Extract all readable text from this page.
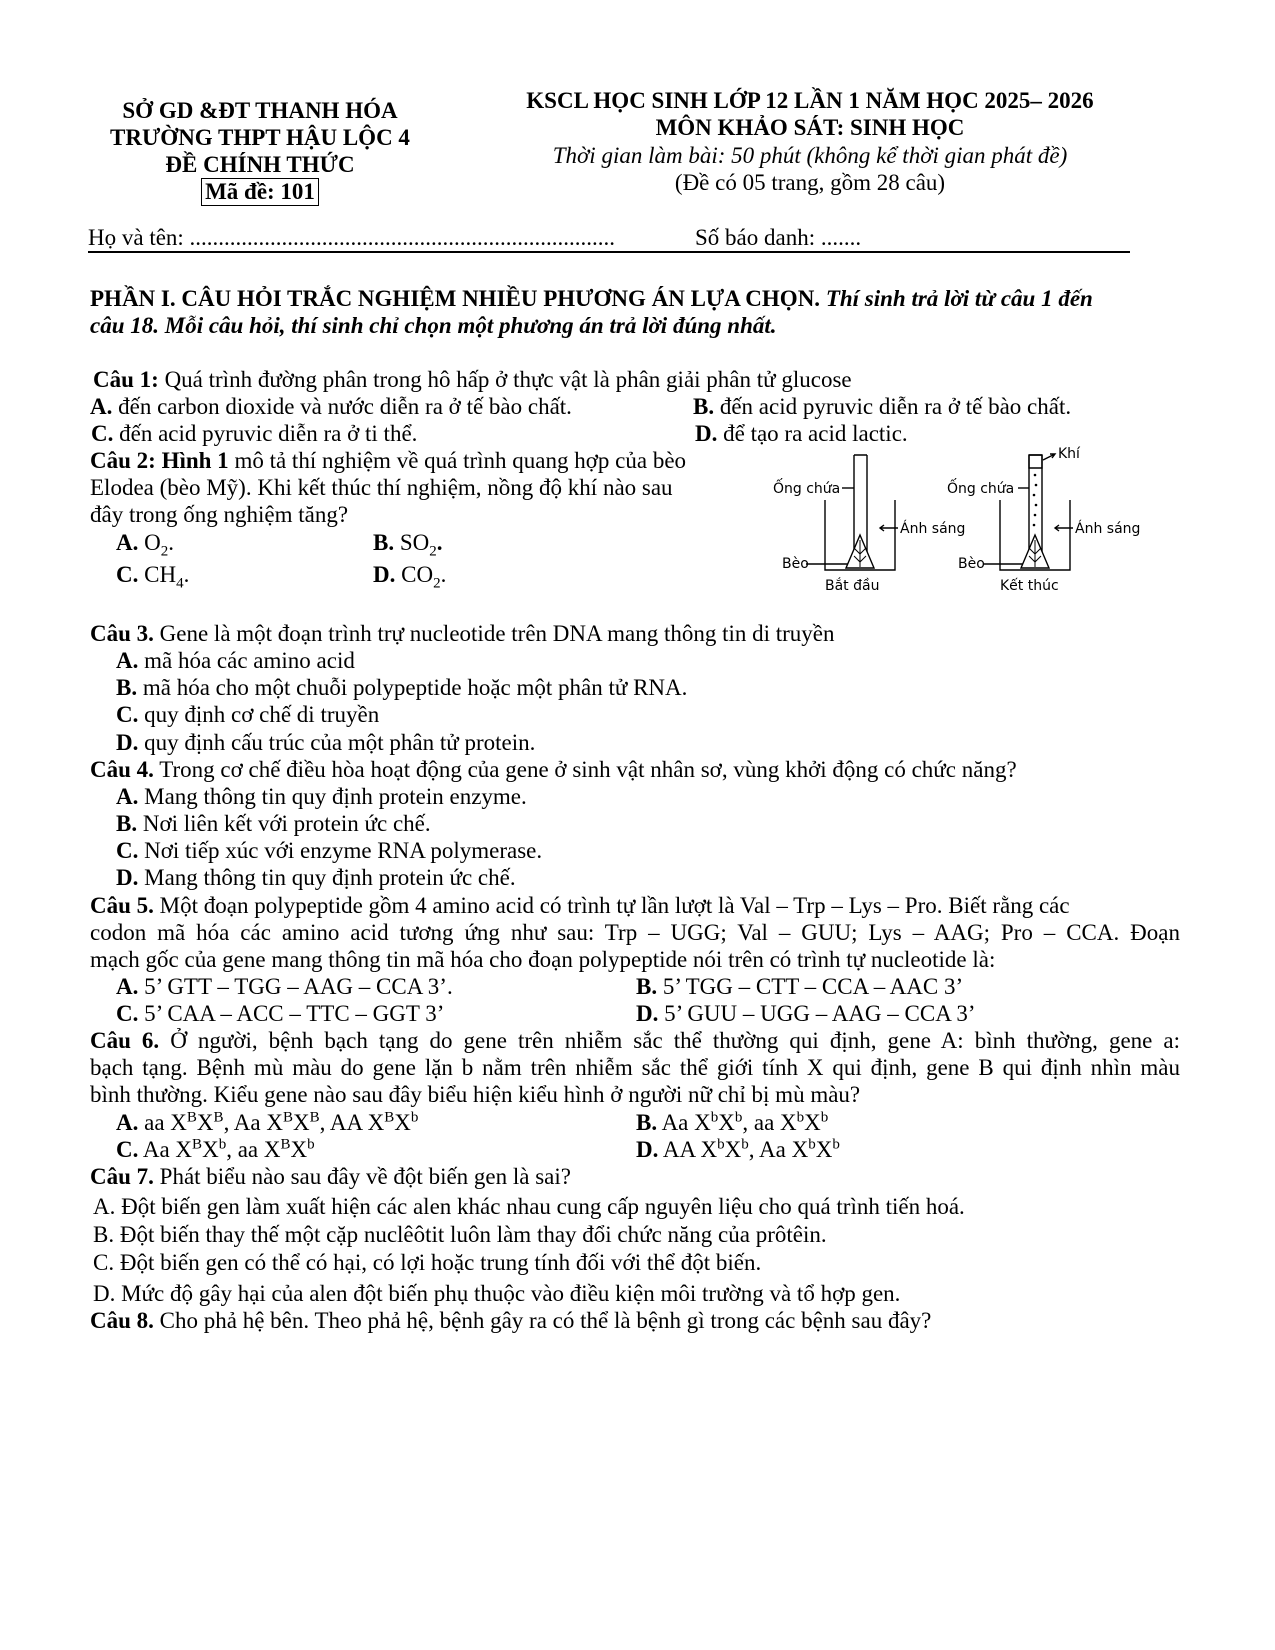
SỞ GD &ĐT THANH HÓA
TRƯỜNG THPT HẬU LỘC 4
ĐỀ CHÍNH THỨC
Mã đề: 101
KSCL HỌC SINH LỚP 12 LẦN 1 NĂM HỌC 2025– 2026
MÔN KHẢO SÁT: SINH HỌC
Thời gian làm bài: 50 phút (không kể thời gian phát đề)
(Đề có 05 trang, gồm 28 câu)
Họ và tên: ..........................................................................	Số báo danh: .......
PHẦN I. CÂU HỎI TRẮC NGHIỆM NHIỀU PHƯƠNG ÁN LỰA CHỌN. Thí sinh trả lời từ câu 1 đến
câu 18. Mỗi câu hỏi, thí sinh chỉ chọn một phương án trả lời đúng nhất.
Câu 1: Quá trình đường phân trong hô hấp ở thực vật là phân giải phân tử glucose
A. đến carbon dioxide và nước diễn ra ở tế bào chất.	B. đến acid pyruvic diễn ra ở tế bào chất.
C. đến acid pyruvic diễn ra ở ti thể.	D. để tạo ra acid lactic.
Câu 2: Hình 1 mô tả thí nghiệm về quá trình quang hợp của bèo
Elodea (bèo Mỹ). Khi kết thúc thí nghiệm, nồng độ khí nào sau
đây trong ống nghiệm tăng?
A. $O_2$.	B. $SO_2$.
C. $CH_4$.	D. $CO_2$.
Ống chứa
Ánh sáng
Bèo
Bắt đầu
Ống chứa
Ánh sáng
Bèo
Kết thúc
Khí
Câu 3. Gene là một đoạn trình trự nucleotide trên DNA mang thông tin di truyền
A. mã hóa các amino acid
B. mã hóa cho một chuỗi polypeptide hoặc một phân tử RNA.
C. quy định cơ chế di truyền
D. quy định cấu trúc của một phân tử protein.
Câu 4. Trong cơ chế điều hòa hoạt động của gene ở sinh vật nhân sơ, vùng khởi động có chức năng?
A. Mang thông tin quy định protein enzyme.
B. Nơi liên kết với protein ức chế.
C. Nơi tiếp xúc với enzyme RNA polymerase.
D. Mang thông tin quy định protein ức chế.
Câu 5. Một đoạn polypeptide gồm 4 amino acid có trình tự lần lượt là Val – Trp – Lys – Pro. Biết rằng các
codon mã hóa các amino acid tương ứng như sau: Trp – UGG; Val – GUU; Lys – AAG; Pro – CCA. Đoạn
mạch gốc của gene mang thông tin mã hóa cho đoạn polypeptide nói trên có trình tự nucleotide là:
A. 5’ GTT – TGG – AAG – CCA 3’.	B. 5’ TGG – CTT – CCA – AAC 3’
C. 5’ CAA – ACC – TTC – GGT 3’	D. 5’ GUU – UGG – AAG – CCA 3’
Câu 6. Ở người, bệnh bạch tạng do gene trên nhiễm sắc thể thường qui định, gene A: bình thường, gene a:
bạch tạng. Bệnh mù màu do gene lặn b nằm trên nhiễm sắc thể giới tính X qui định, gene B qui định nhìn màu
bình thường. Kiểu gene nào sau đây biểu hiện kiểu hình ở người nữ chỉ bị mù màu?
A. aa $X^BX^B$, Aa $X^BX^B$, AA $X^BX^b$	B. Aa $X^bX^b$, aa $X^bX^b$
C. Aa $X^BX^b$, aa $X^BX^b$	D. AA $X^bX^b$, Aa $X^bX^b$
Câu 7. Phát biểu nào sau đây về đột biến gen là sai?
A. Đột biến gen làm xuất hiện các alen khác nhau cung cấp nguyên liệu cho quá trình tiến hoá.
B. Đột biến thay thế một cặp nuclêôtit luôn làm thay đổi chức năng của prôtêin.
C. Đột biến gen có thể có hại, có lợi hoặc trung tính đối với thể đột biến.
D. Mức độ gây hại của alen đột biến phụ thuộc vào điều kiện môi trường và tổ hợp gen.
Câu 8. Cho phả hệ bên. Theo phả hệ, bệnh gây ra có thể là bệnh gì trong các bệnh sau đây?
